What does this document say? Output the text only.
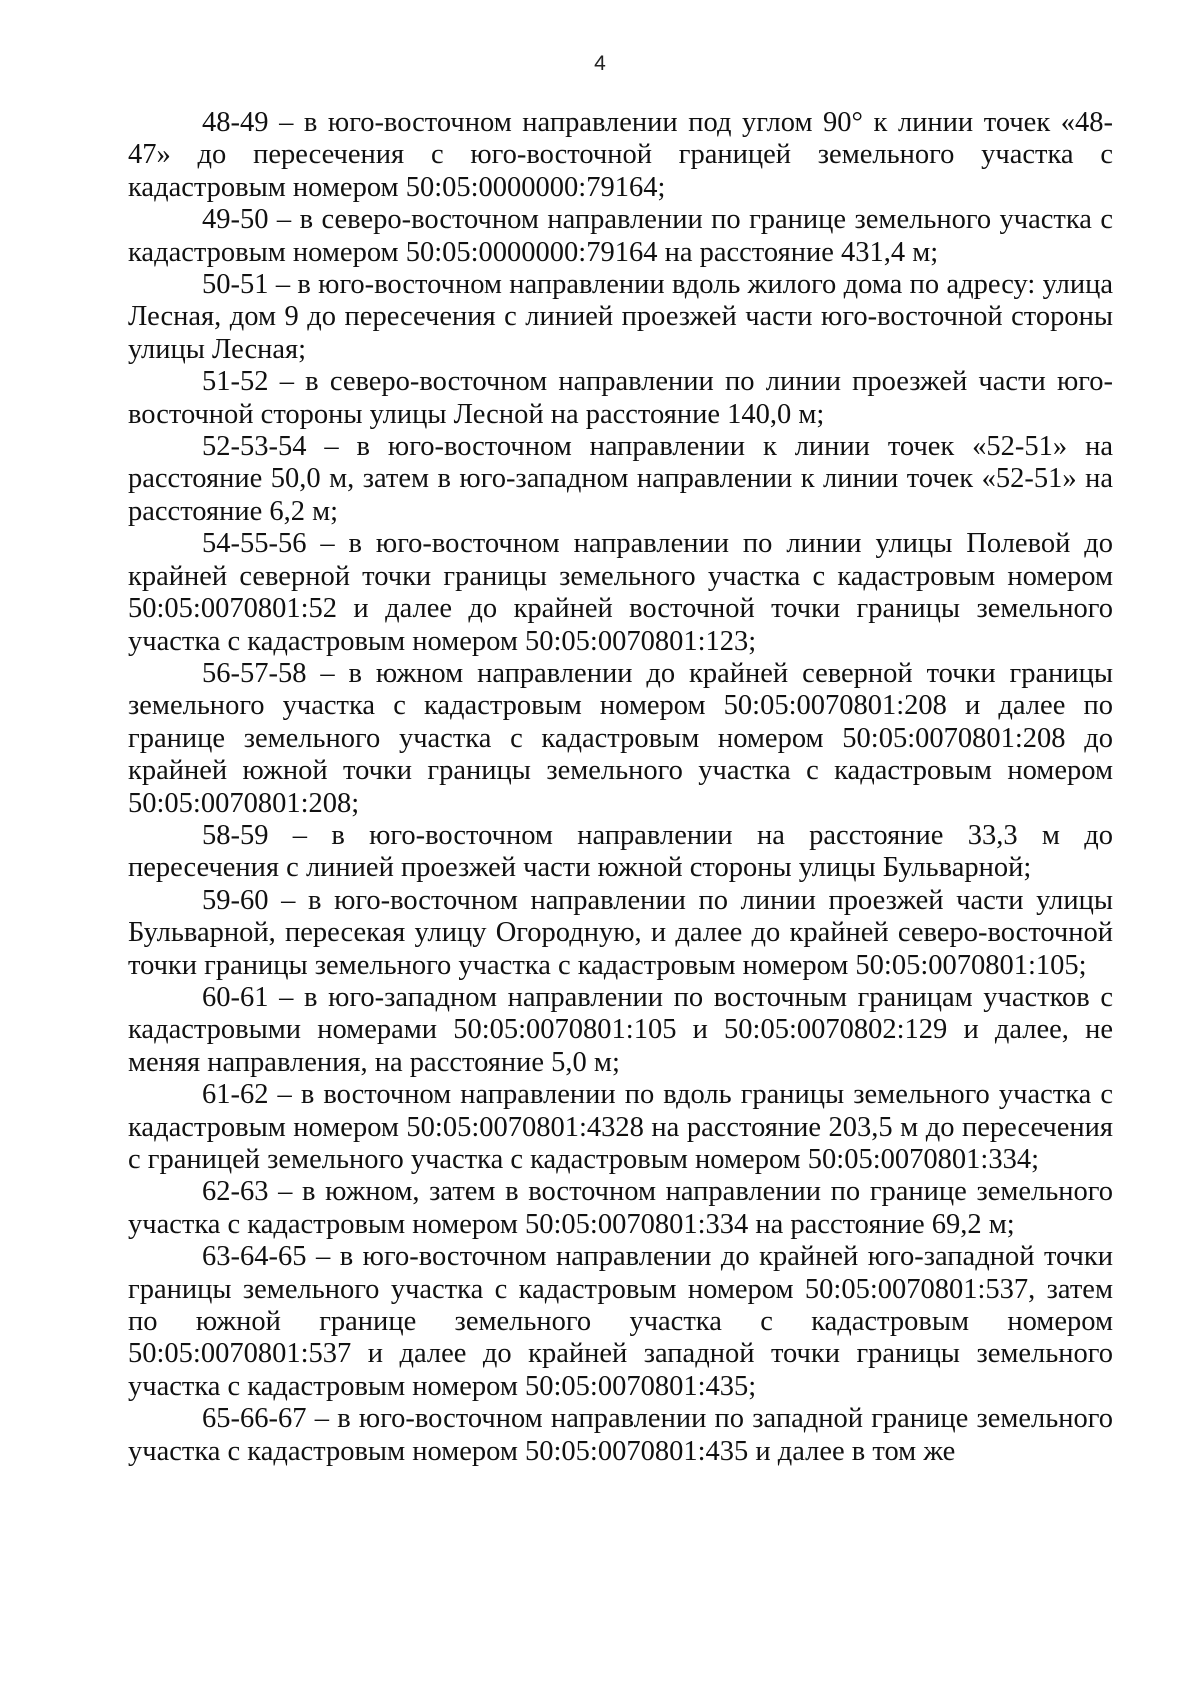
4

48-49 – в юго-восточном направлении под углом 90° к линии точек «48-47» до пересечения с юго-восточной границей земельного участка с кадастровым номером 50:05:0000000:79164;

49-50 – в северо-восточном направлении по границе земельного участка с кадастровым номером 50:05:0000000:79164 на расстояние 431,4 м;

50-51 – в юго-восточном направлении вдоль жилого дома по адресу: улица Лесная, дом 9 до пересечения с линией проезжей части юго-восточной стороны улицы Лесная;

51-52 – в северо-восточном направлении по линии проезжей части юго-восточной стороны улицы Лесной на расстояние 140,0 м;

52-53-54 – в юго-восточном направлении к линии точек «52-51» на расстояние 50,0 м, затем в юго-западном направлении к линии точек «52-51» на расстояние 6,2 м;

54-55-56 – в юго-восточном направлении по линии улицы Полевой до крайней северной точки границы земельного участка с кадастровым номером 50:05:0070801:52 и далее до крайней восточной точки границы земельного участка с кадастровым номером 50:05:0070801:123;

56-57-58 – в южном направлении до крайней северной точки границы земельного участка с кадастровым номером 50:05:0070801:208 и далее по границе земельного участка с кадастровым номером 50:05:0070801:208 до крайней южной точки границы земельного участка с кадастровым номером 50:05:0070801:208;

58-59 – в юго-восточном направлении на расстояние 33,3 м до пересечения с линией проезжей части южной стороны улицы Бульварной;

59-60 – в юго-восточном направлении по линии проезжей части улицы Бульварной, пересекая улицу Огородную, и далее до крайней северо-восточной точки границы земельного участка с кадастровым номером 50:05:0070801:105;

60-61 – в юго-западном направлении по восточным границам участков с кадастровыми номерами 50:05:0070801:105 и 50:05:0070802:129 и далее, не меняя направления, на расстояние 5,0 м;

61-62 – в восточном направлении по вдоль границы земельного участка с кадастровым номером 50:05:0070801:4328 на расстояние 203,5 м до пересечения с границей земельного участка с кадастровым номером 50:05:0070801:334;

62-63 – в южном, затем в восточном направлении по границе земельного участка с кадастровым номером 50:05:0070801:334 на расстояние 69,2 м;

63-64-65 – в юго-восточном направлении до крайней юго-западной точки границы земельного участка с кадастровым номером 50:05:0070801:537, затем по южной границе земельного участка с кадастровым номером 50:05:0070801:537 и далее до крайней западной точки границы земельного участка с кадастровым номером 50:05:0070801:435;

65-66-67 – в юго-восточном направлении по западной границе земельного участка с кадастровым номером 50:05:0070801:435 и далее в том же
